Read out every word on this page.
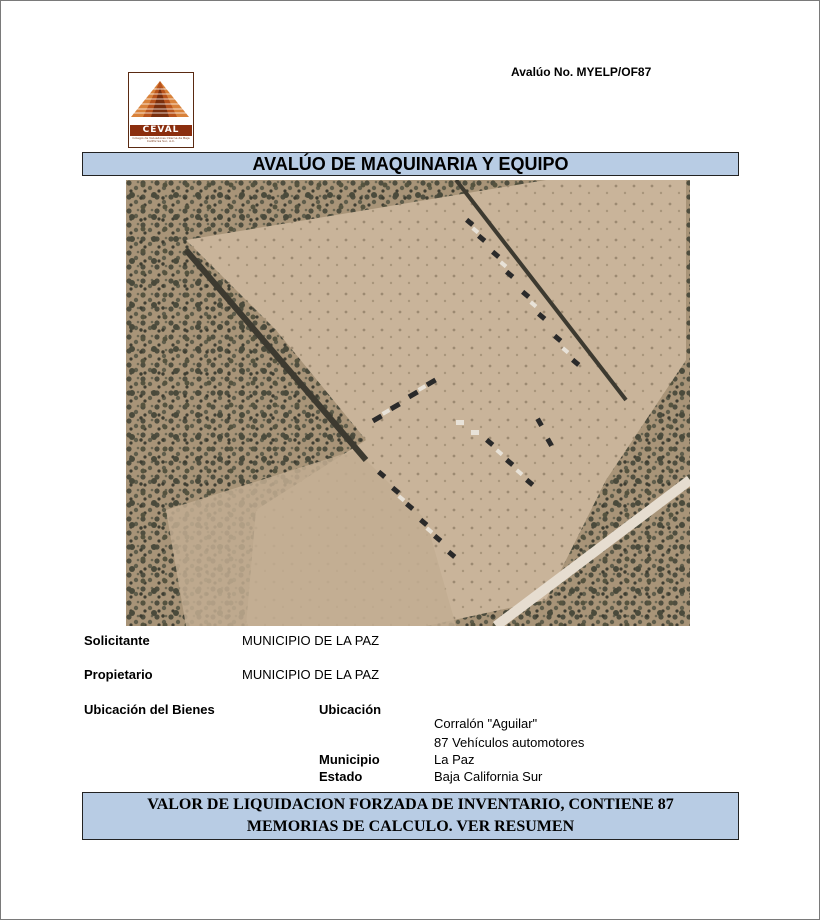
Avalúo No. MYELP/OF87
CEVAL
Colegio de Valuadores Interna de Baja California Sur, A.C.
AVALÚO DE MAQUINARIA Y EQUIPO
Solicitante	MUNICIPIO DE LA PAZ
Propietario	MUNICIPIO DE LA PAZ
Ubicación del Bienes	Ubicación
Corralón "Aguilar"
87 Vehículos automotores
Municipio	La Paz
Estado	Baja California Sur
VALOR DE LIQUIDACION FORZADA DE INVENTARIO, CONTIENE 87
MEMORIAS DE CALCULO. VER RESUMEN
